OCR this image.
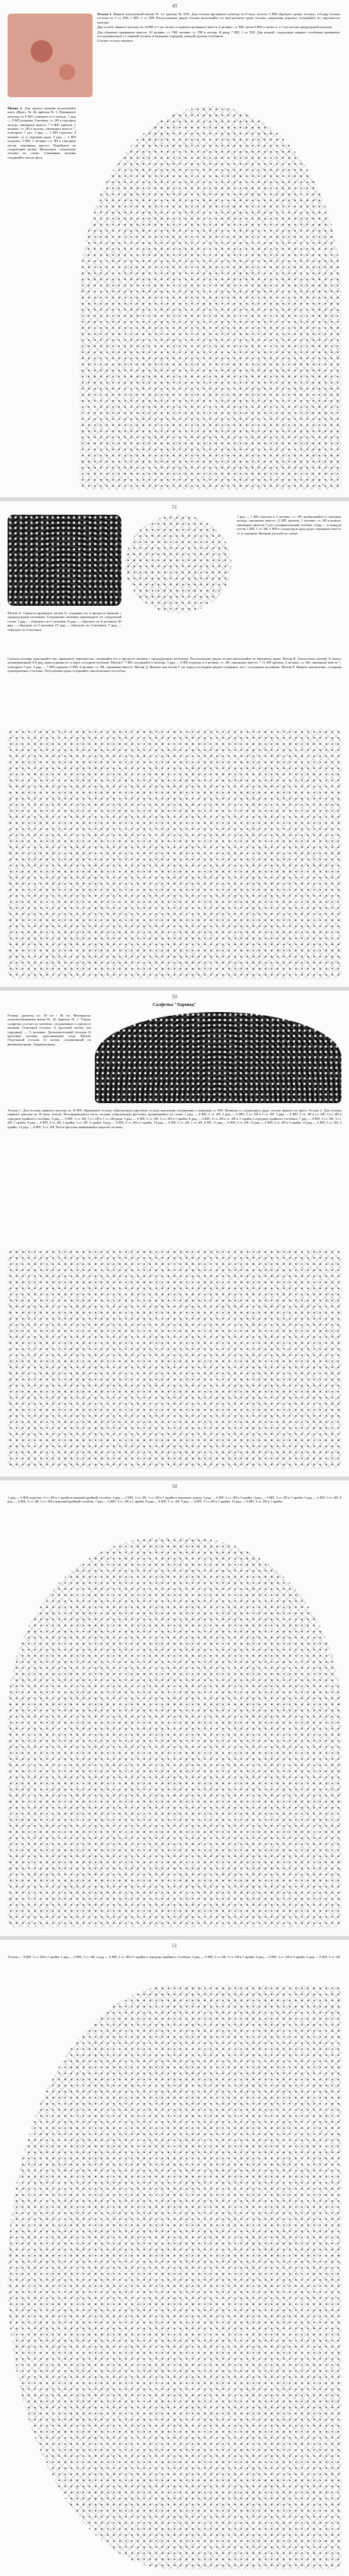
49

Тесьма 1. Вяжите катушечной нитью № 12, крючок № 0,85. Для тесьмы провяжите цепочку из 8 возд. петель, 5 ВП образуют дужку тесьмы; 1-й ряд тесьмы состоит из 1 ст. ПН, 1 ВП, 1 ст. ПН. Расположение рядов тесьмы выполняйте по внутреннему краю тесьмы, направляя дорожку соединяйте по окружности контура.

Для столба свяжите цепочку из 10 ВП в 7-ую петлю от крючка провяжите вместе 2 незавяз. ст. ПН, затем 9 ВП и снова ст. в 1-ую петлю предыдущей цепочки.

Для обычных провяжите вместе: 10 незавяз. ст. ПН, незавяз. ст. ПН в петлях. В ряду 7 ВП, 1 ст. ПН. Для второй, следующих парных столбиков провяжите последовательно ст. нижней тесьмы, в верхнюю середину каждой группы столбиков.

Готовое тесьму свяжите.

Мотив 2. Для начала вязания используйте нить «Ирис» № 30, крючок № 1. Провяжите цепочку из 8 ВП, сомкните ее в кольцо. 1 ряд — 9 ВП подъема, 8 незавяз. ст. 2Н в середину кольца, связанных вместе, * 5 ВП, крючок, 1 незавяз. ст. 2Н в кольцо, связанных вместе *, повторите 7 раз. 2 ряд — 5 ВП подъема, 4 незавяз. ст. в середину ряда. 3 ряд — 1 ВП подъема, 5 ВП, 1 незавяз. ст. 2Н в середину петли, связанных вместе. Перейдите на следующий мотив. Выполните следующие тесьмы по схеме. Связанные мотивы соединяйте как на фото.

51
1 ряд — 1 ВП подъема в 2 незавяз. ст. 2Н, провязывайте в середину кольца, связанных вместе, (1 ВП, крючок, 1 незавяз. ст. 2Н в кольцо, связанных вместе) 7 раз, соединительный столбик. 2 ряд — в каждую петлю 1 ВП, 1 ст. 2Н, 5 ВП в следующую арку ряда; связанные вместе ст. в середину. Вязание деталей по схеме.
Мотив А. Сначала провяжите мотив А, соединяя его в процессе вязания с предыдущими мотивами. Соединение мотивов производите по следующей схеме: I ряд — образуют из 6 мотивов; II ряд — образуют из 6 мотивов; III ряд — образуют из 5 мотивов; IV ряд — образуют из 4 мотивов; V ряд — образуют из 3 мотивов.
Сначала мотивы выполняйте так: провяжите перекрёсток, соединяйте его в процессе вязания с предыдущими мотивами. Расположение рядов тесьмы выполняйте по внешнему краю. Мотив В. Аналогично мотиву А, вяжут незавершенный 2-й ряд, присоединяя его к двум соседним мотивам. Мотив Г. 7 ВП соединяйте в колечко. 1 ряд — 6 ВП подъема и 2 незавяз. ст. 2Н, связанные вместе, * 11 ВП крючок, 3 незавяз. ст. 2Н, связанные вместе *, повторите 5 раз. 2 ряд — 7 ВП подъема, 5 ВП, 4 незавяз. ст. 2Н, связанные вместе. Мотив Д. Вяжите как мотив Г, но перед последним рядом соедините его с соседними мотивами. Мотив Е. Вяжите аналогично, соединяя одновременно 3 мотива. Полученные ряды соединяйте аналогичным способом.
50
Салфетка "Хоровод"
Размер: диаметр ок. 28 см / 26 см. Материалы: хлопчатобумажная нитка № 10. Крючок № 1. Узоры: салфетка состоит из мотивов, соединённых в процессе вязания. Основной (тесьма 1) круговой мотив, (на середине) — 5 мотивов. Дополнительный (тесьма 2) круговые мотивы, дополняющие узор. Мотив. Отдельный (тесьма 3) мотив, соединенный по внешнему краю. Ажурная вязка.
Тесьма 1. Для тесьмы свяжите цепочку из 10 ВП. Провяжите тесьму, образующую круговую тесьму, выполнив соединения с помощью ст. ПН. Начиная со следующего ряда, тесьму вяжите по кругу. Тесьма 2. Для тесьмы свяжите цепочку из 10 возд. петель. Расширяющуюся часть тесьмы, образующую фестоны, провязывайте по схеме: 1 ряд — 6 ВП, 1 ст. 2Н. 2 ряд — 6 ВП, 3 ст. 2Н в 1 ст. 2Н. 3 ряд — 6 ВП, 3 ст. 2Н в ст. 2Н, 3 ст. 2Н в середину крайнего столбика. 4 ряд — 6 ВП, 3 ст. 2Н, 5 ст. 2Н в 1 ст. 2Н ряда. 5 ряд — 6 ВП, 5 ст. 2Н, 3 ст. 2Н в 1 прайм. 6 ряд — 6 ВП, 3 ст. 2Н в ст. 2Н и 1 прайм в середину крайнего столбика. 7 ряд — 6 ВП, 3 ст. 2Н, 3 ст. 2Н, 1 прайм. 8 ряд — 6 ВП, 3 ст. 2Н, 1 прайм, 3 ст. 2Н, 3 прайм. 9 ряд — 6 ВП, 3 ст. 2Н в 1 прайм. 10 ряд — 6 ВП, 3 ст. 2Н, 1 ст. 2Н, 6 ВП. 11 ряд — 6 ВП, 3 ст. 2Н. 12 ряд — 6 ВП, 3 ст. 2Н в 3 прайм. 13 ряд — 6 ВП, 3 ст. 2Н, 2 прайм. 14 ряд — 6 ВП, 3 ст. 2Н. После фестона вывязывайте перегиб тесьмы.
50
1 ряд — 6 ВП подъема, 3 ст. 2Н в 1 прайм в нижний крайний столбик. 2 ряд — 6 ВП, 3 ст. 2Н, 1 ст. 2Н в 1 прайм в верхнюю дужку. 3 ряд — 6 ВП, 3 ст. 2Н в 3 прайм. 4 ряд — 6 ВП, 3 ст. 2Н в 1 прайм. 5 ряд — 6 ВП, 3 ст. 2Н. 6 ряд — 6 ВП, 3 ст. 2Н, 3 ст. 2Н в верхний крайний столбик. 7 ряд — 6 ВП, 3 ст. 2Н в 1 прайм. 8 ряд — 6 ВП, 3 ст. 2Н. 9 ряд — 6 ВП, 3 ст. 2Н в 3 прайм. 10 ряд — 6 ВП, 3 ст. 2Н в 1 прайм.
51
Тесьма — 6 ВП, 3 ст. 2Н в 1 прайм. 1 ряд — 6 ВП, 3 ст. 2Н. 2 ряд — 6 ВП, 3 ст. 2Н в 1 прайм в середину крайнего столбика. 3 ряд — 6 ВП, 3 ст. 2Н, 3 ст. 2Н в 1 прайм. 4 ряд — 6 ВП, 3 ст. 2Н в 3 прайм. 5 ряд — 6 ВП, 3 ст. 2Н.
